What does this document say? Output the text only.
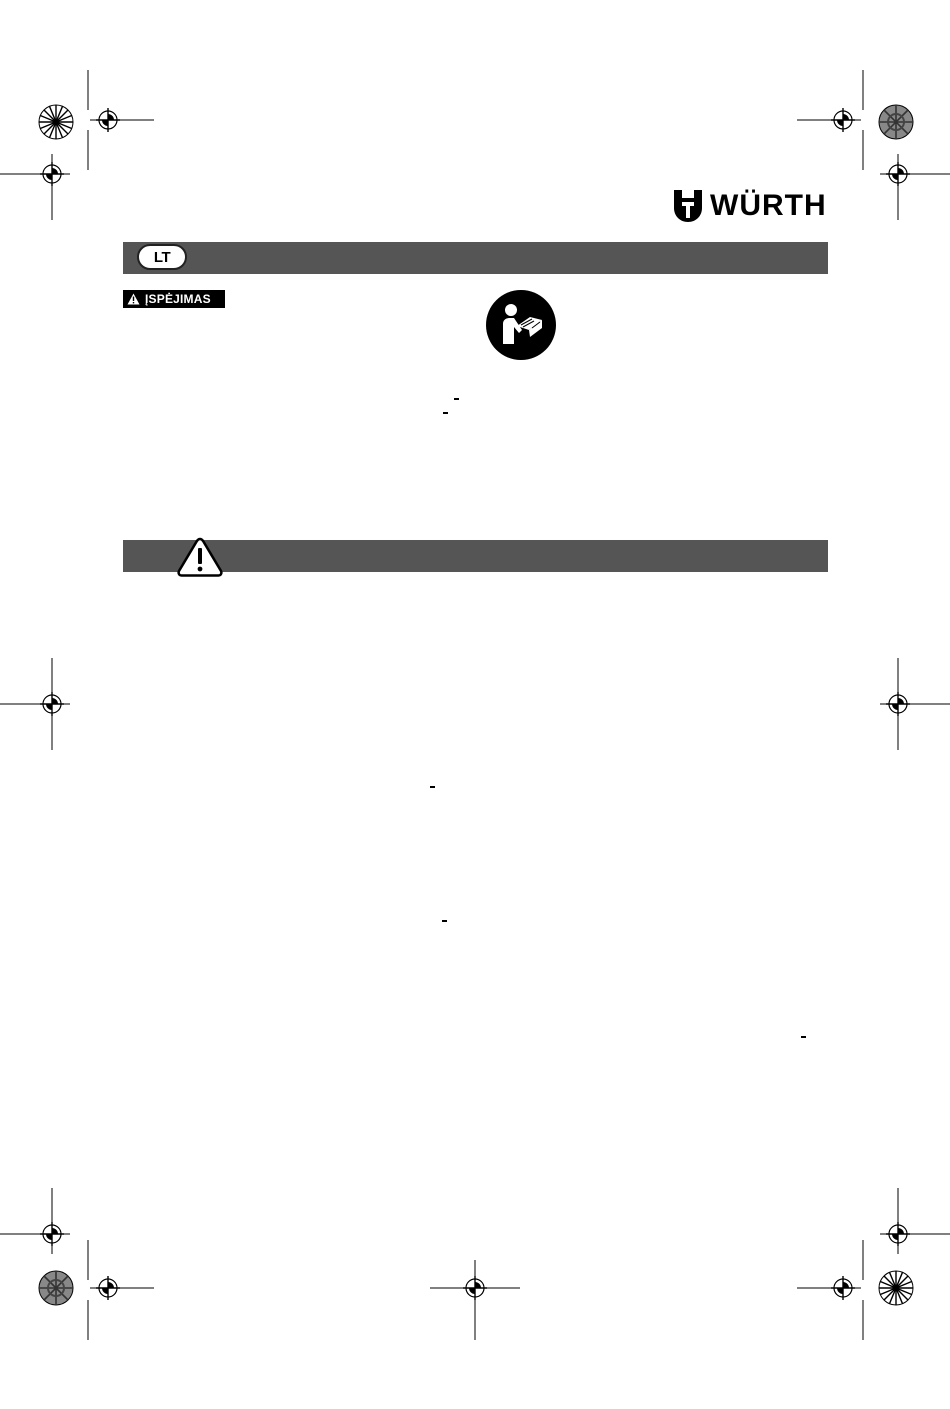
WÜRTH
LT
ĮSPĖJIMAS
